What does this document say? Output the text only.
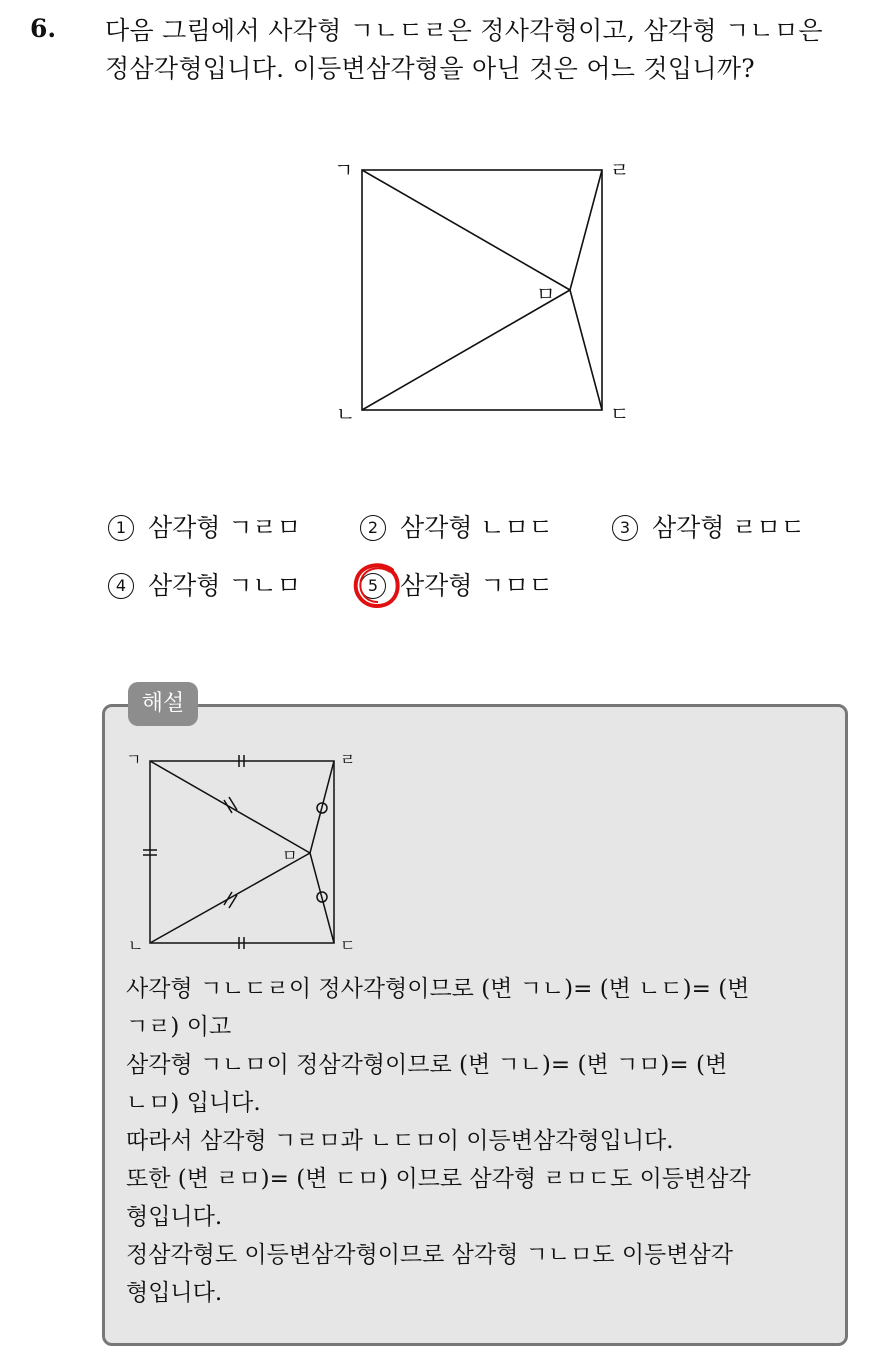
6. 다음 그림에서 사각형 ㄱㄴㄷㄹ은 정사각형이고, 삼각형 ㄱㄴㅁ은
정삼각형입니다. 이등변삼각형을 아닌 것은 어느 것입니까?
ㄱ
ㄴ	ㄷ
ㄹ
ㅁ
1 삼각형 ㄱㄹㅁ	2 삼각형 ㄴㅁㄷ	3 삼각형 ㄹㅁㄷ
4 삼각형 ㄱㄴㅁ	5 삼각형 ㄱㅁㄷ
해설
ㄱ
ㄴ	ㄷ
ㄹ
ㅁ

사각형 ㄱㄴㄷㄹ이 정사각형이므로 (변 ㄱㄴ)= (변 ㄴㄷ)= (변

ㄱㄹ) 이고

삼각형 ㄱㄴㅁ이 정삼각형이므로 (변 ㄱㄴ)= (변 ㄱㅁ)= (변

ㄴㅁ) 입니다.

따라서 삼각형 ㄱㄹㅁ과 ㄴㄷㅁ이 이등변삼각형입니다.

또한 (변 ㄹㅁ)= (변 ㄷㅁ) 이므로 삼각형 ㄹㅁㄷ도 이등변삼각

형입니다.

정삼각형도 이등변삼각형이므로 삼각형 ㄱㄴㅁ도 이등변삼각

형입니다.
